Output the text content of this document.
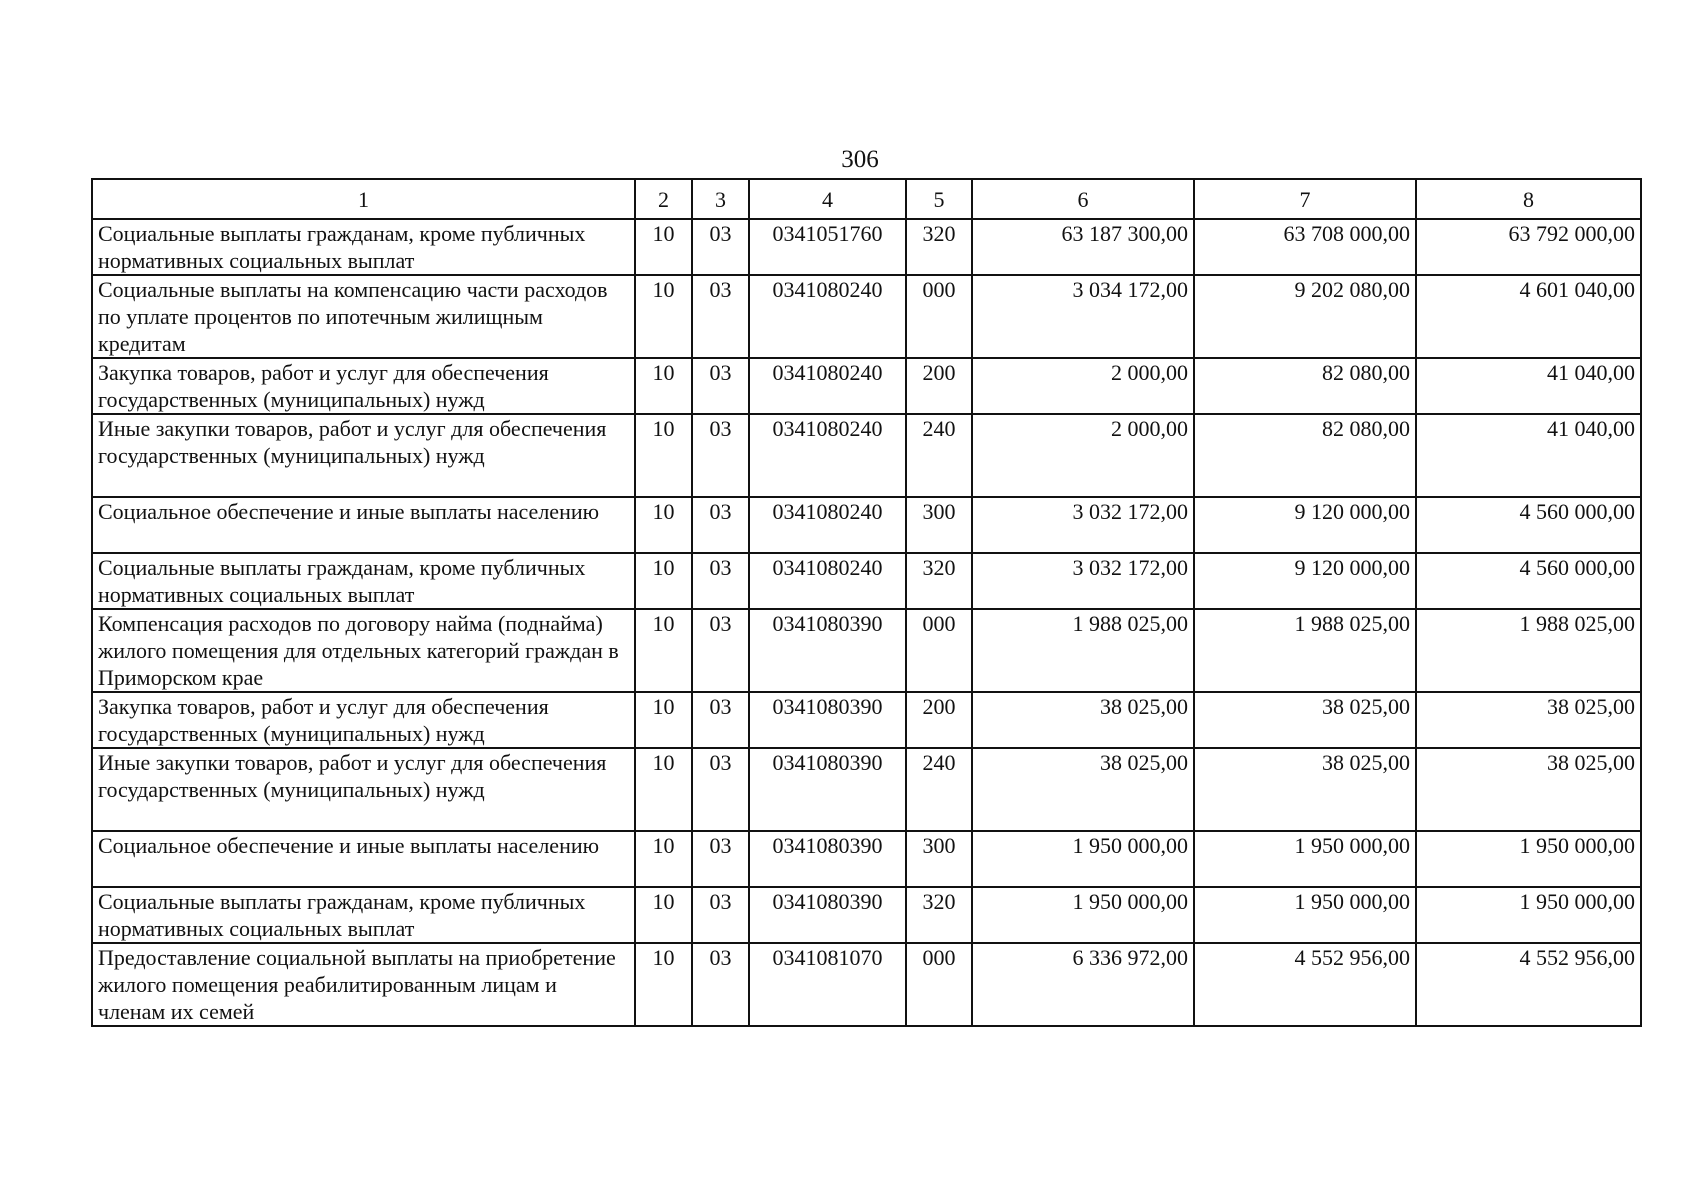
306
1	2	3	4	5	6	7	8
Социальные выплаты гражданам, кроме публичных нормативных социальных выплат	10	03	0341051760	320	63 187 300,00	63 708 000,00	63 792 000,00
Социальные выплаты на компенсацию части расходов по уплате процентов по ипотечным жилищным кредитам	10	03	0341080240	000	3 034 172,00	9 202 080,00	4 601 040,00
Закупка товаров, работ и услуг для обеспечения государственных (муниципальных) нужд	10	03	0341080240	200	2 000,00	82 080,00	41 040,00
Иные закупки товаров, работ и услуг для обеспечения государственных (муниципальных) нужд	10	03	0341080240	240	2 000,00	82 080,00	41 040,00
Социальное обеспечение и иные выплаты населению	10	03	0341080240	300	3 032 172,00	9 120 000,00	4 560 000,00
Социальные выплаты гражданам, кроме публичных нормативных социальных выплат	10	03	0341080240	320	3 032 172,00	9 120 000,00	4 560 000,00
Компенсация расходов по договору найма (поднайма) жилого помещения для отдельных категорий граждан в Приморском крае	10	03	0341080390	000	1 988 025,00	1 988 025,00	1 988 025,00
Закупка товаров, работ и услуг для обеспечения государственных (муниципальных) нужд	10	03	0341080390	200	38 025,00	38 025,00	38 025,00
Иные закупки товаров, работ и услуг для обеспечения государственных (муниципальных) нужд	10	03	0341080390	240	38 025,00	38 025,00	38 025,00
Социальное обеспечение и иные выплаты населению	10	03	0341080390	300	1 950 000,00	1 950 000,00	1 950 000,00
Социальные выплаты гражданам, кроме публичных нормативных социальных выплат	10	03	0341080390	320	1 950 000,00	1 950 000,00	1 950 000,00
Предоставление социальной выплаты на приобретение жилого помещения реабилитированным лицам и членам их семей	10	03	0341081070	000	6 336 972,00	4 552 956,00	4 552 956,00
